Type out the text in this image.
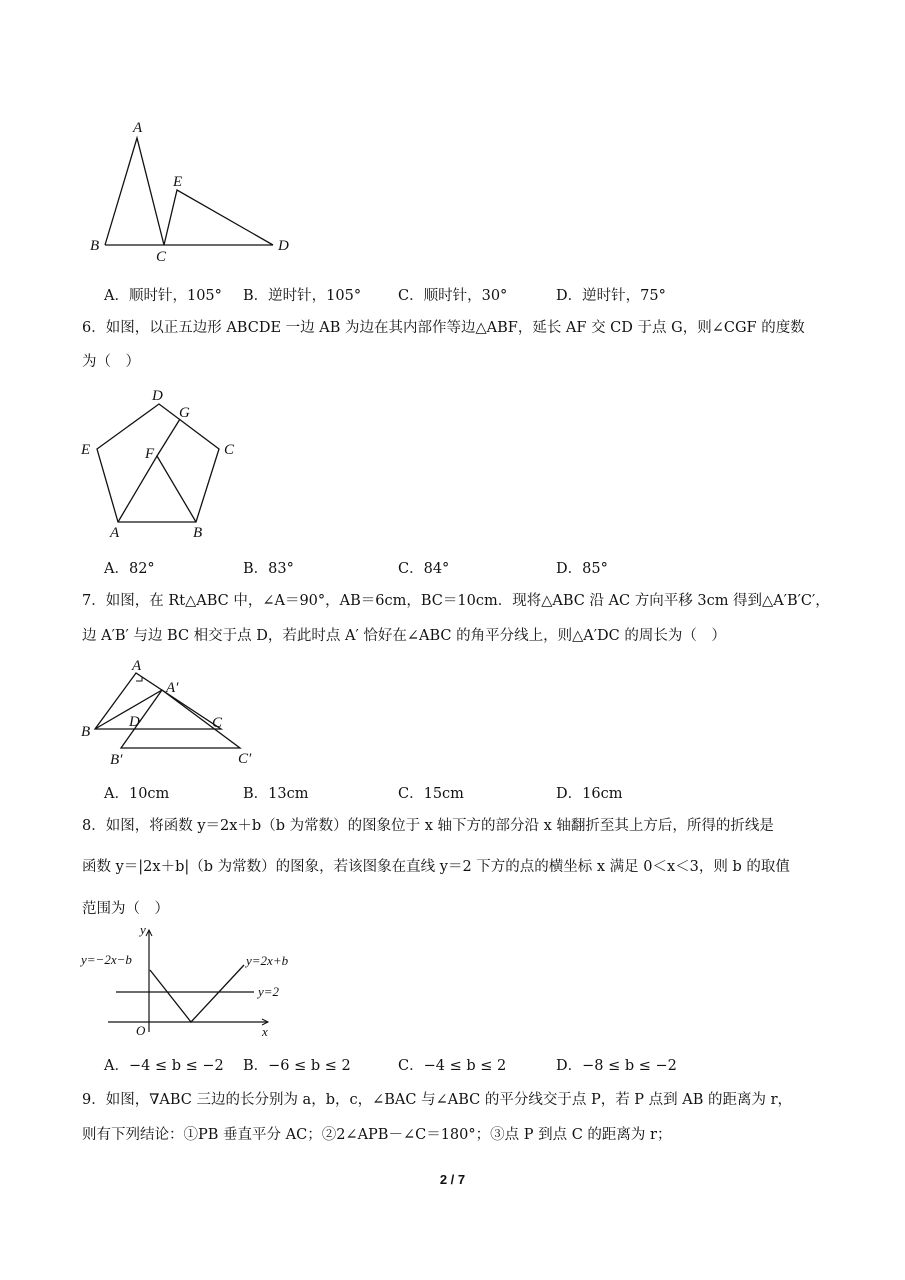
A
B
C
D
E
A．顺时针，105° B．逆时针，105°	C．顺时针，30°	D．逆时针，75°
6．如图，以正五边形 ABCDE 一边 AB 为边在其内部作等边△ABF，延长 AF 交 CD 于点 G，则∠CGF 的度数
为（　）
A	B
C
D
E	F
G
A．82°	B．83°	C．84°	D．85°
7．如图，在 Rt△ABC 中，∠A＝90°，AB＝6cm，BC＝10cm．现将△ABC 沿 AC 方向平移 3cm 得到△A′B′C′，
边 A′B′ 与边 BC 相交于点 D，若此时点 A′ 恰好在∠ABC 的角平分线上，则△A′DC 的周长为（　）
A
A′
B
B′
C
C′
D
A．10cm	B．13cm	C．15cm	D．16cm
8．如图，将函数 y＝2x＋b（b 为常数）的图象位于 x 轴下方的部分沿 x 轴翻折至其上方后，所得的折线是
函数 y＝|2x＋b|（b 为常数）的图象，若该图象在直线 y＝2 下方的点的横坐标 x 满足 0＜x＜3，则 b 的取值
范围为（　）
y
x
O
y=−2x−b	y=2x+b
y=2
A．−4 ≤ b ≤ −2 B．−6 ≤ b ≤ 2	C．−4 ≤ b ≤ 2	D．−8 ≤ b ≤ −2
9．如图，∇ABC 三边的长分别为 a，b，c，∠BAC 与∠ABC 的平分线交于点 P，若 P 点到 AB 的距离为 r，
则有下列结论：①PB 垂直平分 AC；②2∠APB－∠C＝180°；③点 P 到点 C 的距离为 r；
2 / 7
